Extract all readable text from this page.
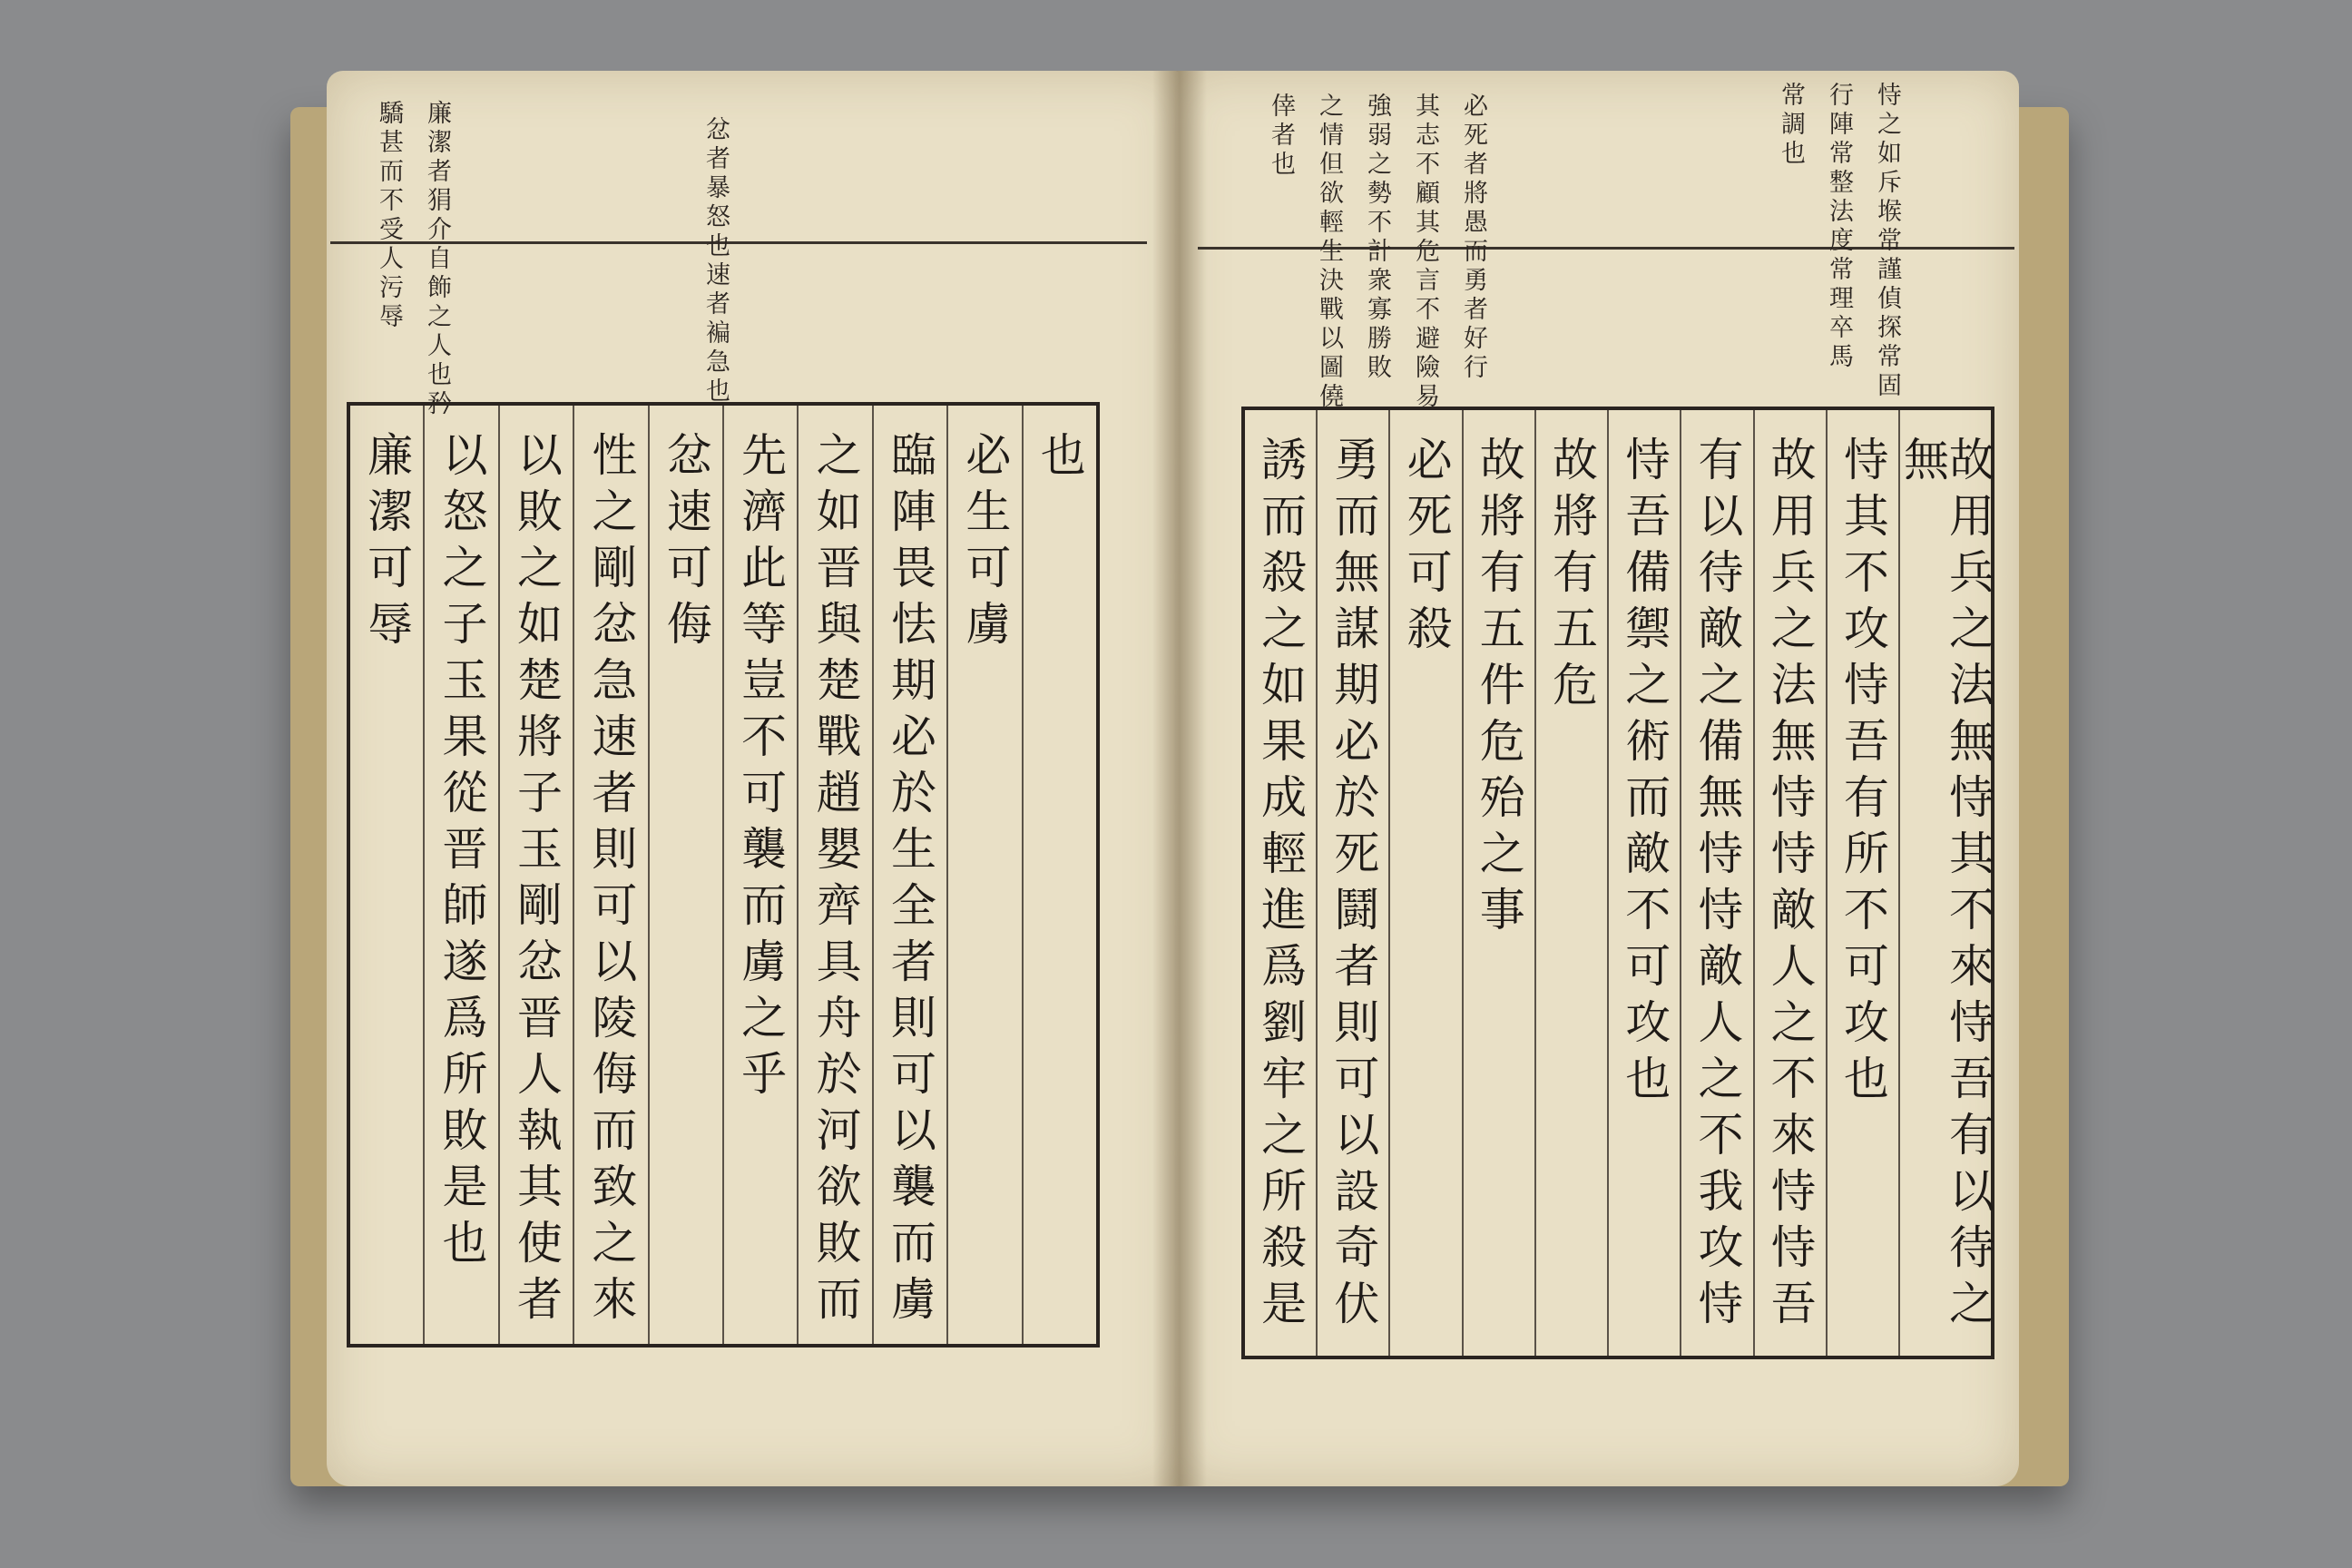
廉潔者狷介自飾之人也矜
驕甚而不受人污辱	忿者暴怒也速者褊急也	恃之如斥堠常謹偵探常固
行陣常整法度常理卒馬
常調也
必死者將愚而勇者好行
其志不顧其危言不避險易
強弱之勢不計衆寡勝敗
之情但欲輕生決戰以圖僥
倖者也
也
必生可虜
臨陣畏怯期必於生全者則可以襲而虜
之如晋與楚戰趙嬰齊具舟於河欲敗而
先濟此等豈不可襲而虜之乎
忿速可侮
性之剛忿急速者則可以陵侮而致之來
以敗之如楚將子玉剛忿晋人執其使者
以怒之子玉果從晋師遂爲所敗是也
廉潔可辱	故用兵之法無恃其不來恃吾有以待之無
恃其不攻恃吾有所不可攻也
故用兵之法無恃恃敵人之不來恃恃吾
有以待敵之備無恃恃敵人之不我攻恃
恃吾備禦之術而敵不可攻也
故將有五危
故將有五件危殆之事
必死可殺
勇而無謀期必於死鬪者則可以設奇伏
誘而殺之如果成輕進爲劉牢之所殺是
